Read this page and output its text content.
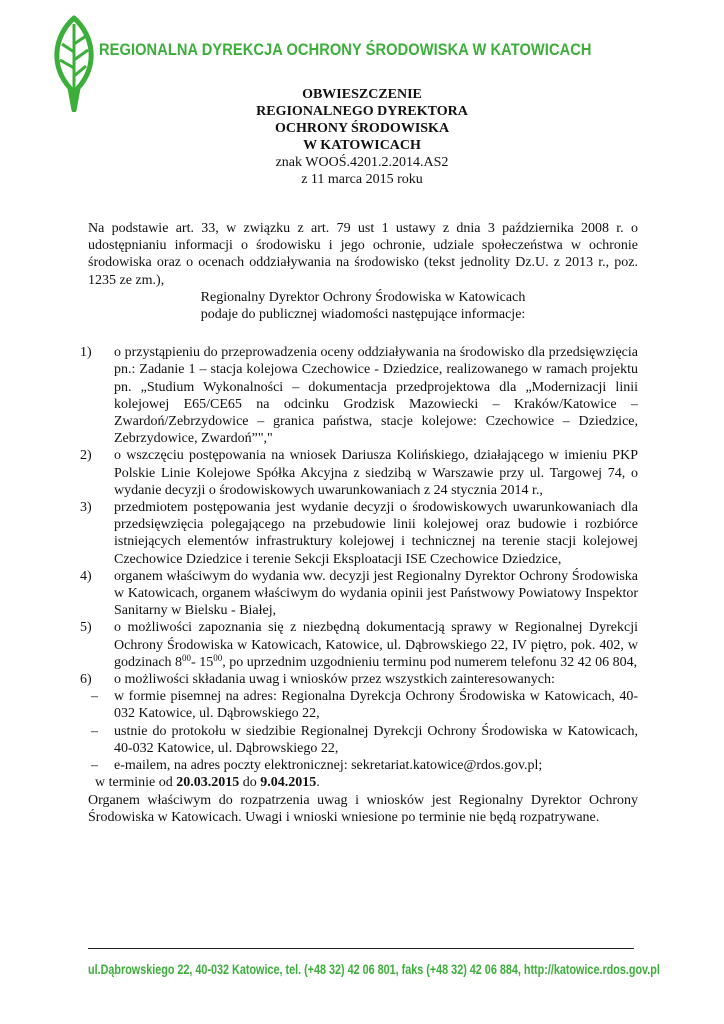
REGIONALNA DYREKCJA OCHRONY ŚRODOWISKA W KATOWICACH
OBWIESZCZENIE
REGIONALNEGO DYREKTORA
OCHRONY ŚRODOWISKA
W KATOWICACH
znak WOOŚ.4201.2.2014.AS2
z 11 marca 2015 roku

Na podstawie art. 33, w związku z art. 79 ust 1 ustawy z dnia 3 października 2008 r. o udostępnianiu informacji o środowisku i jego ochronie, udziale społeczeństwa w ochronie środowiska oraz o ocenach oddziaływania na środowisko (tekst jednolity Dz.U. z 2013 r., poz. 1235 ze zm.),

Regionalny Dyrektor Ochrony Środowiska w Katowicach

podaje do publicznej wiadomości następujące informacje:

1) o przystąpieniu do przeprowadzenia oceny oddziaływania na środowisko dla przedsięwzięcia pn.: Zadanie 1 – stacja kolejowa Czechowice - Dziedzice, realizowanego w ramach projektu pn. „Studium Wykonalności – dokumentacja przedprojektowa dla „Modernizacji linii kolejowej E65/CE65 na odcinku Grodzisk Mazowiecki – Kraków/Katowice – Zwardoń/Zebrzydowice – granica państwa, stacje kolejowe: Czechowice – Dziedzice, Zebrzydowice, Zwardoń”","
2) o wszczęciu postępowania na wniosek Dariusza Kolińskiego, działającego w imieniu PKP Polskie Linie Kolejowe Spółka Akcyjna z siedzibą w Warszawie przy ul. Targowej 74, o wydanie decyzji o środowiskowych uwarunkowaniach z 24 stycznia 2014 r.,
3) przedmiotem postępowania jest wydanie decyzji o środowiskowych uwarunkowaniach dla przedsięwzięcia polegającego na przebudowie linii kolejowej oraz budowie i rozbiórce istniejących elementów infrastruktury kolejowej i technicznej na terenie stacji kolejowej Czechowice Dziedzice i terenie Sekcji Eksploatacji ISE Czechowice Dziedzice,
4) organem właściwym do wydania ww. decyzji jest Regionalny Dyrektor Ochrony Środowiska w Katowicach, organem właściwym do wydania opinii jest Państwowy Powiatowy Inspektor Sanitarny w Bielsku - Białej,
5) o możliwości zapoznania się z niezbędną dokumentacją sprawy w Regionalnej Dyrekcji Ochrony Środowiska w Katowicach, Katowice, ul. Dąbrowskiego 22, IV piętro, pok. 402, w godzinach $8^{00}-$ $15^{00}$, po uprzednim uzgodnieniu terminu pod numerem telefonu 32 42 06 804,
6) o możliwości składania uwag i wniosków przez wszystkich zainteresowanych:
– w formie pisemnej na adres: Regionalna Dyrekcja Ochrony Środowiska w Katowicach, 40-032 Katowice, ul. Dąbrowskiego 22,
– ustnie do protokołu w siedzibie Regionalnej Dyrekcji Ochrony Środowiska w Katowicach, 40-032 Katowice, ul. Dąbrowskiego 22,
– e-mailem, na adres poczty elektronicznej: sekretariat.katowice@rdos.gov.pl;

w terminie od 20.03.2015 do 9.04.2015.

Organem właściwym do rozpatrzenia uwag i wniosków jest Regionalny Dyrektor Ochrony Środowiska w Katowicach. Uwagi i wnioski wniesione po terminie nie będą rozpatrywane.

ul.Dąbrowskiego 22, 40-032 Katowice, tel. (+48 32) 42 06 801, faks (+48 32) 42 06 884, http://katowice.rdos.gov.pl
